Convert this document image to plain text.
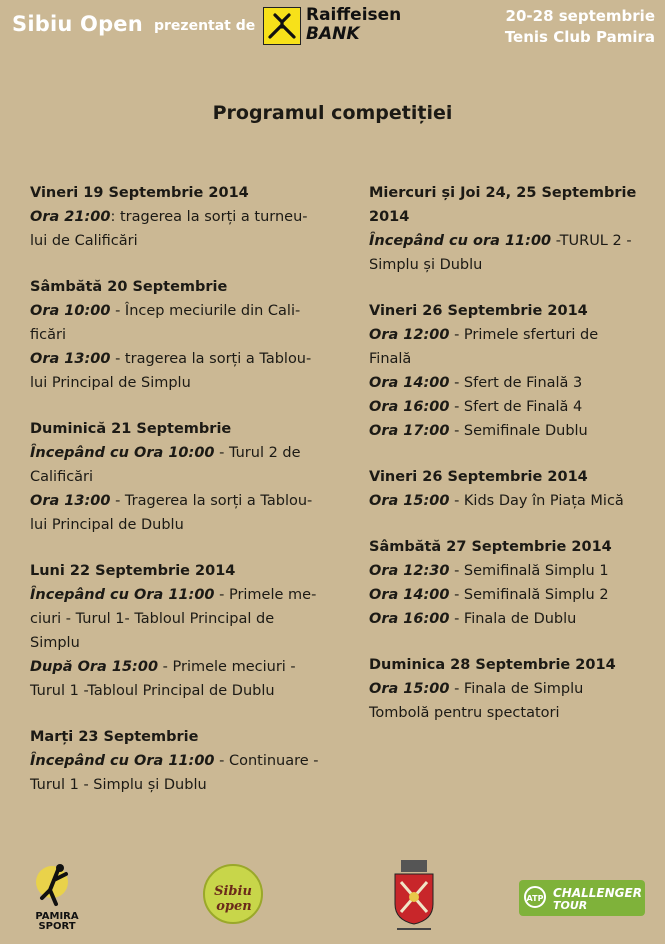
Sibiu Open prezentat de
Raiffeisen
BANK
20-28 septembrie
Tenis Club Pamira
Programul competiției

Vineri 19 Septembrie 2014

Ora 21:00: tragerea la sorți a turneu-

lui de Calificări

Sâmbătă 20 Septembrie

Ora 10:00 - Încep meciurile din Cali-

ficări

Ora 13:00 - tragerea la sorți a Tablou-

lui Principal de Simplu

Duminică 21 Septembrie

Începând cu Ora 10:00 - Turul 2 de

Calificări

Ora 13:00 - Tragerea la sorți a Tablou-

lui Principal de Dublu

Luni 22 Septembrie 2014

Începând cu Ora 11:00 - Primele me-

ciuri - Turul 1- Tabloul Principal de

Simplu

După Ora 15:00 - Primele meciuri -

Turul 1 -Tabloul Principal de Dublu

Marți 23 Septembrie

Începând cu Ora 11:00 - Continuare -

Turul 1 - Simplu și Dublu

Miercuri și Joi 24, 25 Septembrie 2014

Începând cu ora 11:00 -TURUL 2 -

Simplu și Dublu

Vineri 26 Septembrie 2014

Ora 12:00 - Primele sferturi de

Finală

Ora 14:00 - Sfert de Finală 3

Ora 16:00 - Sfert de Finală 4

Ora 17:00 - Semifinale Dublu

Vineri 26 Septembrie 2014

Ora 15:00 - Kids Day în Piața Mică

Sâmbătă 27 Septembrie 2014

Ora 12:30 - Semifinală Simplu 1

Ora 14:00 - Semifinală Simplu 2

Ora 16:00 - Finala de Dublu

Duminica 28 Septembrie 2014

Ora 15:00 - Finala de Simplu

Tombolă pentru spectatori

PAMIRA
SPORT
Sibiu
open
ATP CHALLENGER
TOUR
